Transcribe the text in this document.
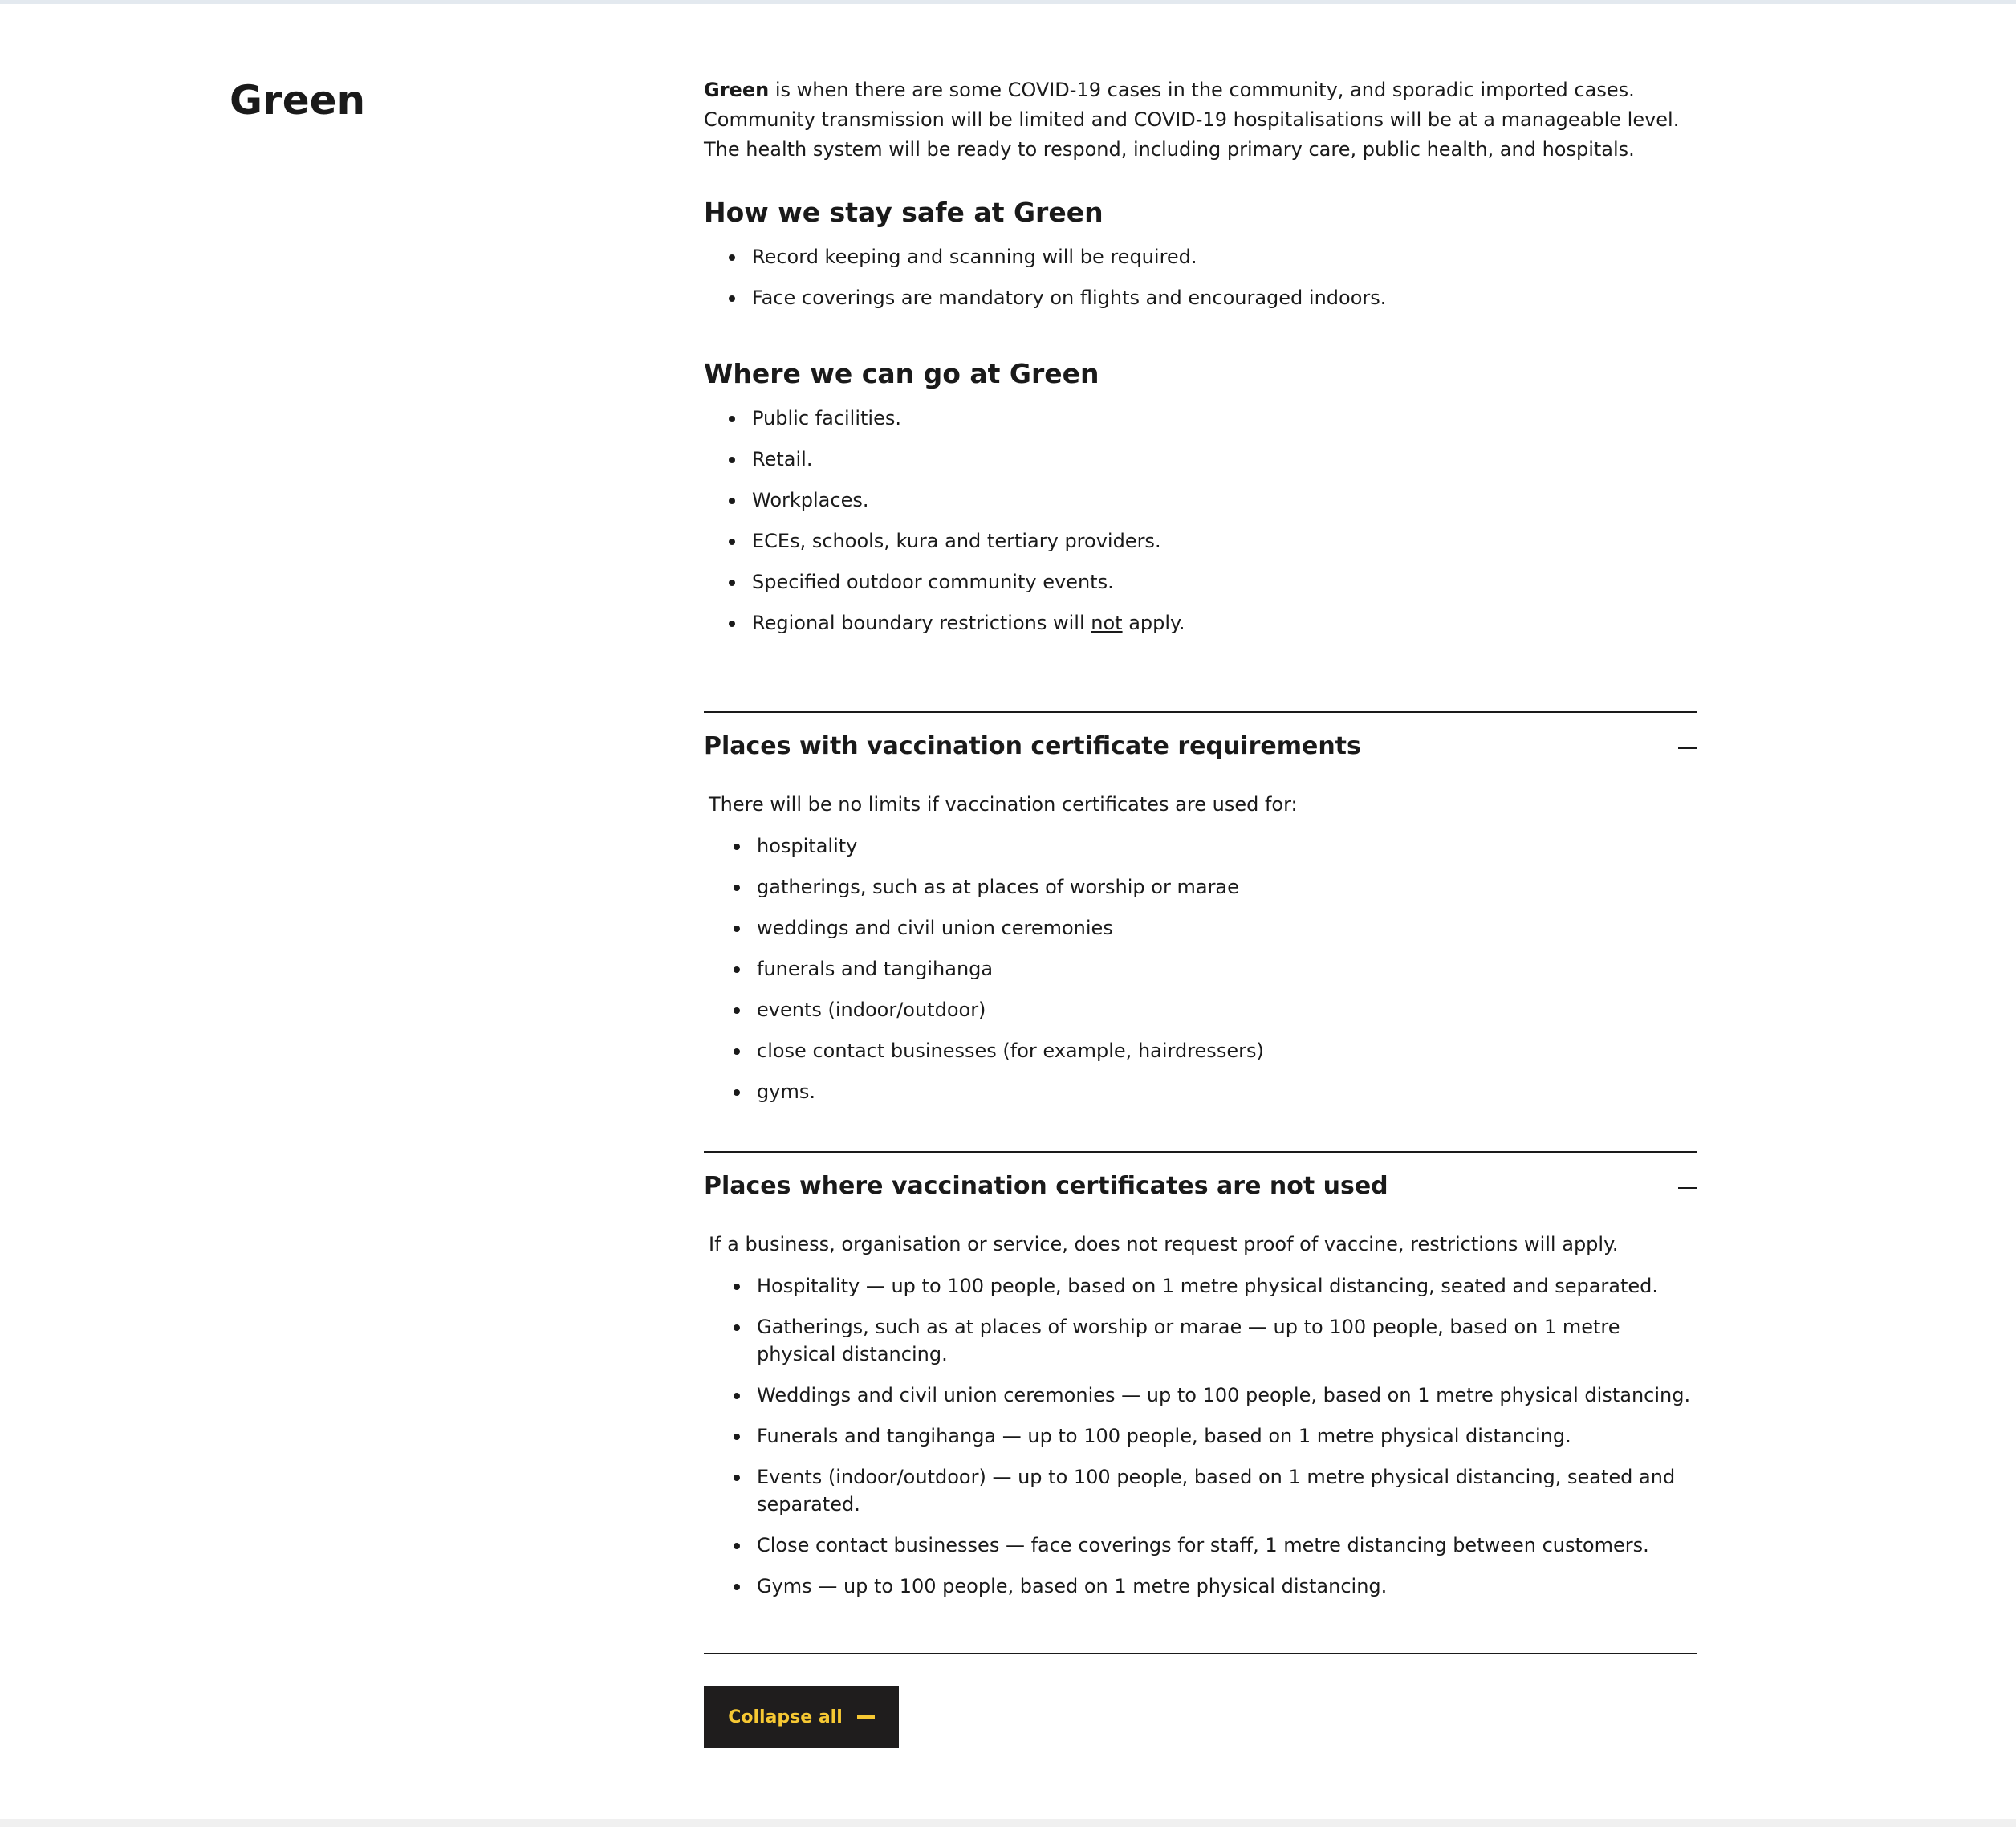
Green	Green is when there are some COVID-19 cases in the community, and sporadic imported cases.
Community transmission will be limited and COVID-19 hospitalisations will be at a manageable level.
The health system will be ready to respond, including primary care, public health, and hospitals.

How we stay safe at Green
Record keeping and scanning will be required.
Face coverings are mandatory on flights and encouraged indoors.
Where we can go at Green
Public facilities.
Retail.
Workplaces.
ECEs, schools, kura and tertiary providers.
Specified outdoor community events.
Regional boundary restrictions will not apply.
Places with vaccination certificate requirements

There will be no limits if vaccination certificates are used for:

hospitality
gatherings, such as at places of worship or marae
weddings and civil union ceremonies
funerals and tangihanga
events (indoor/outdoor)
close contact businesses (for example, hairdressers)
gyms.
Places where vaccination certificates are not used

If a business, organisation or service, does not request proof of vaccine, restrictions will apply.

Hospitality — up to 100 people, based on 1 metre physical distancing, seated and separated.
Gatherings, such as at places of worship or marae — up to 100 people, based on 1 metre physical distancing.
Weddings and civil union ceremonies — up to 100 people, based on 1 metre physical distancing.
Funerals and tangihanga — up to 100 people, based on 1 metre physical distancing.
Events (indoor/outdoor) — up to 100 people, based on 1 metre physical distancing, seated and separated.
Close contact businesses — face coverings for staff, 1 metre distancing between customers.
Gyms — up to 100 people, based on 1 metre physical distancing.
Collapse all
